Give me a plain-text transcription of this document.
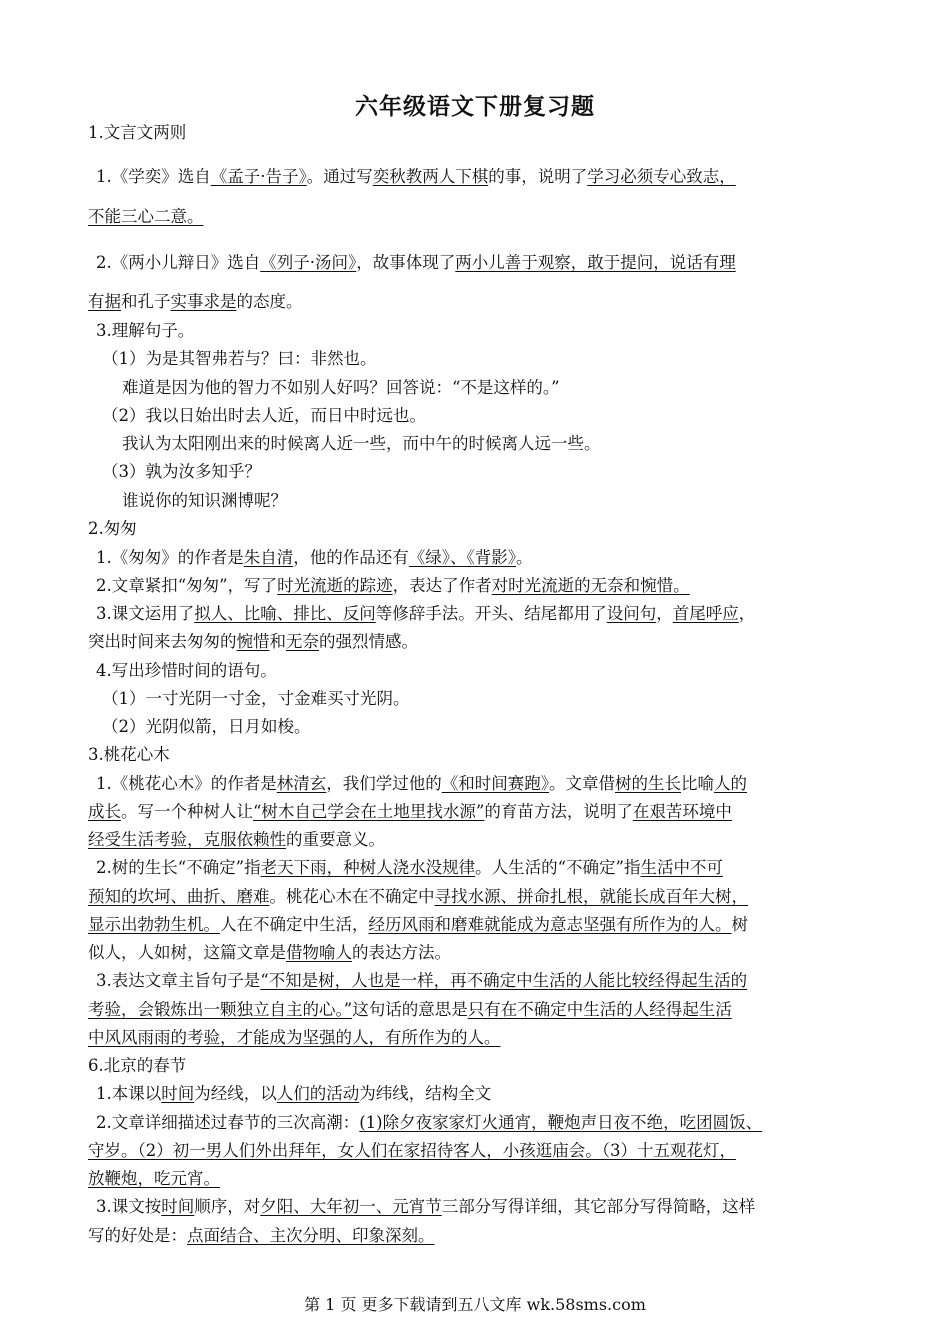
六年级语文下册复习题
1.文言文两则
1.《学奕》选自《孟子·告子》。通过写奕秋教两人下棋的事，说明了学习必须专心致志，
不能三心二意。
2.《两小儿辩日》选自《列子·汤问》，故事体现了两小儿善于观察，敢于提问，说话有理
有据和孔子实事求是的态度。
3.理解句子。
（1）为是其智弗若与？曰：非然也。
难道是因为他的智力不如别人好吗？回答说：“不是这样的。”
（2）我以日始出时去人近，而日中时远也。
我认为太阳刚出来的时候离人近一些，而中午的时候离人远一些。
（3）孰为汝多知乎？
谁说你的知识渊博呢？
2.匆匆
1.《匆匆》的作者是朱自清，他的作品还有《绿》、《背影》。
2.文章紧扣“匆匆”，写了时光流逝的踪迹，表达了作者对时光流逝的无奈和惋惜。
3.课文运用了拟人、比喻、排比、反问等修辞手法。开头、结尾都用了设问句，首尾呼应，
突出时间来去匆匆的惋惜和无奈的强烈情感。
4.写出珍惜时间的语句。
（1）一寸光阴一寸金，寸金难买寸光阴。
（2）光阴似箭，日月如梭。
3.桃花心木
1.《桃花心木》的作者是林清玄，我们学过他的《和时间赛跑》。文章借树的生长比喻人的
成长。写一个种树人让“树木自己学会在土地里找水源”的育苗方法，说明了在艰苦环境中
经受生活考验，克服依赖性的重要意义。
2.树的生长“不确定”指老天下雨，种树人浇水没规律。人生活的“不确定”指生活中不可
预知的坎坷、曲折、磨难。桃花心木在不确定中寻找水源、拼命扎根，就能长成百年大树，
显示出勃勃生机。人在不确定中生活，经历风雨和磨难就能成为意志坚强有所作为的人。树
似人，人如树，这篇文章是借物喻人的表达方法。
3.表达文章主旨句子是“不知是树，人也是一样，再不确定中生活的人能比较经得起生活的
考验，会锻炼出一颗独立自主的心。”这句话的意思是只有在不确定中生活的人经得起生活
中风风雨雨的考验，才能成为坚强的人，有所作为的人。
6.北京的春节
1.本课以时间为经线，以人们的活动为纬线，结构全文
2.文章详细描述过春节的三次高潮：(1)除夕夜家家灯火通宵，鞭炮声日夜不绝，吃团圆饭、
守岁。（2）初一男人们外出拜年，女人们在家招待客人，小孩逛庙会。（3）十五观花灯，
放鞭炮，吃元宵。
3.课文按时间顺序，对夕阳、大年初一、元宵节三部分写得详细，其它部分写得简略，这样
写的好处是：点面结合、主次分明、印象深刻。
第 1 页 更多下载请到五八文库 wk.58sms.com
